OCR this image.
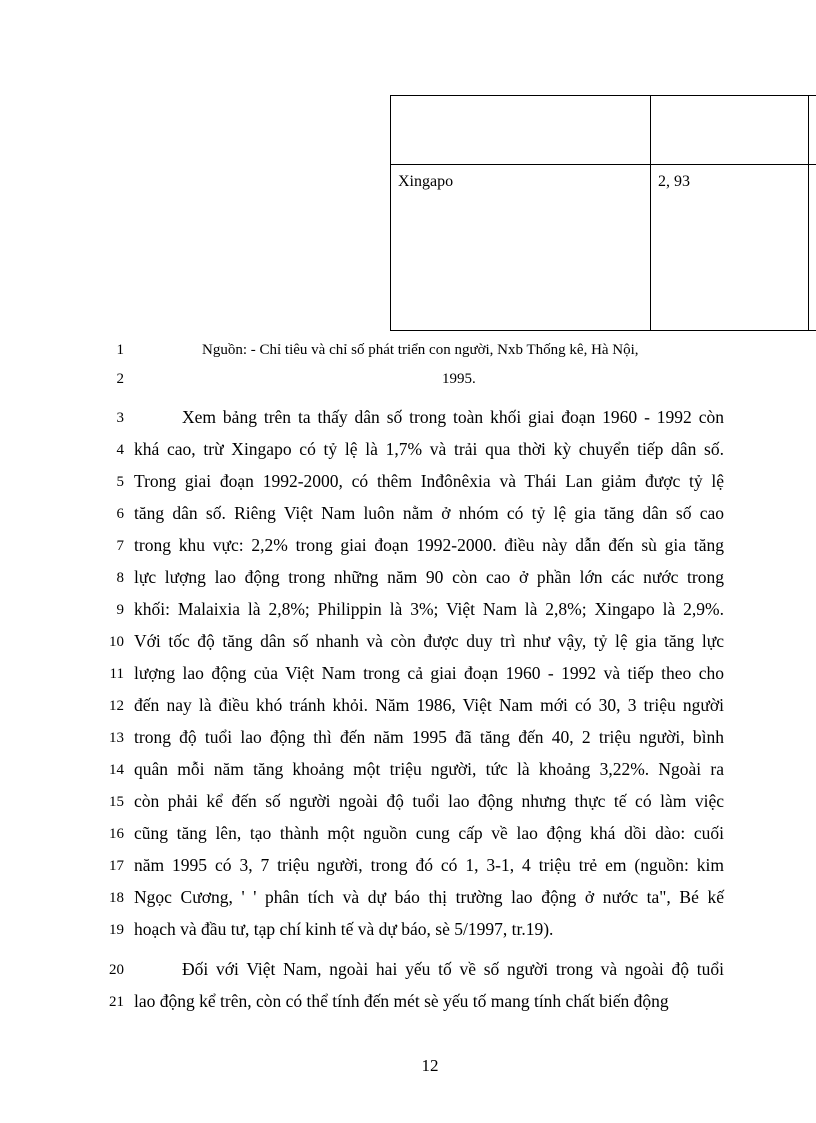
Xingapo	2, 93
1	Nguồn: - Chỉ tiêu và chỉ số phát triển con người, Nxb Thống kê, Hà Nội,
2	1995.
3	Xem bảng trên ta thấy dân số trong toàn khối giai đoạn 1960 - 1992 còn
4 khá cao, trừ Xingapo có tỷ lệ là 1,7% và trải qua thời kỳ chuyển tiếp dân số.
5 Trong giai đoạn 1992-2000, có thêm Inđônêxia và Thái Lan giảm được tỷ lệ
6 tăng dân số. Riêng Việt Nam luôn nằm ở nhóm có tỷ lệ gia tăng dân số cao
7 trong khu vực: 2,2% trong giai đoạn 1992-2000. điều này dẫn đến sù gia tăng
8 lực lượng lao động trong những năm 90 còn cao ở phần lớn các nước trong
9 khối: Malaixia là 2,8%; Philippin là 3%; Việt Nam là 2,8%; Xingapo là 2,9%.
10 Với tốc độ tăng dân số nhanh và còn được duy trì như vậy, tỷ lệ gia tăng lực
11 lượng lao động của Việt Nam trong cả giai đoạn 1960 - 1992 và tiếp theo cho
12 đến nay là điều khó tránh khỏi. Năm 1986, Việt Nam mới có 30, 3 triệu người
13 trong độ tuổi lao động thì đến năm 1995 đã tăng đến 40, 2 triệu người, bình
14 quân mỗi năm tăng khoảng một triệu người, tức là khoảng 3,22%. Ngoài ra
15 còn phải kể đến số người ngoài độ tuổi lao động nhưng thực tế có làm việc
16 cũng tăng lên, tạo thành một nguồn cung cấp về lao động khá dồi dào: cuối
17 năm 1995 có 3, 7 triệu người, trong đó có 1, 3-1, 4 triệu trẻ em (nguồn: kim
18 Ngọc Cương, ' ' phân tích và dự báo thị trường lao động ở nước ta", Bé kế
19 hoạch và đầu tư, tạp chí kinh tế và dự báo, sè 5/1997, tr.19).
20	Đối với Việt Nam, ngoài hai yếu tố về số người trong và ngoài độ tuổi
21 lao động kể trên, còn có thể tính đến mét sè yếu tố mang tính chất biến động
12
